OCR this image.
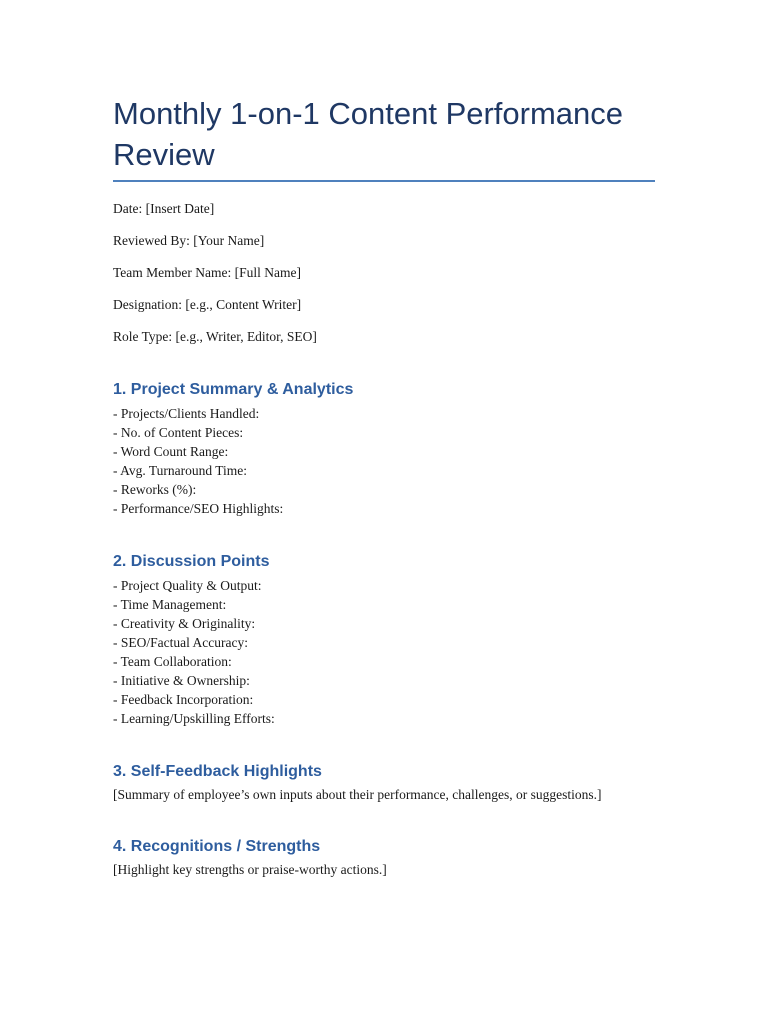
Monthly 1-on-1 Content Performance Review
Date: [Insert Date]
Reviewed By: [Your Name]
Team Member Name: [Full Name]
Designation: [e.g., Content Writer]
Role Type: [e.g., Writer, Editor, SEO]
1. Project Summary & Analytics
- Projects/Clients Handled:
- No. of Content Pieces:
- Word Count Range:
- Avg. Turnaround Time:
- Reworks (%):
- Performance/SEO Highlights:
2. Discussion Points
- Project Quality & Output:
- Time Management:
- Creativity & Originality:
- SEO/Factual Accuracy:
- Team Collaboration:
- Initiative & Ownership:
- Feedback Incorporation:
- Learning/Upskilling Efforts:
3. Self-Feedback Highlights

[Summary of employee’s own inputs about their performance, challenges, or suggestions.]

4. Recognitions / Strengths

[Highlight key strengths or praise-worthy actions.]
